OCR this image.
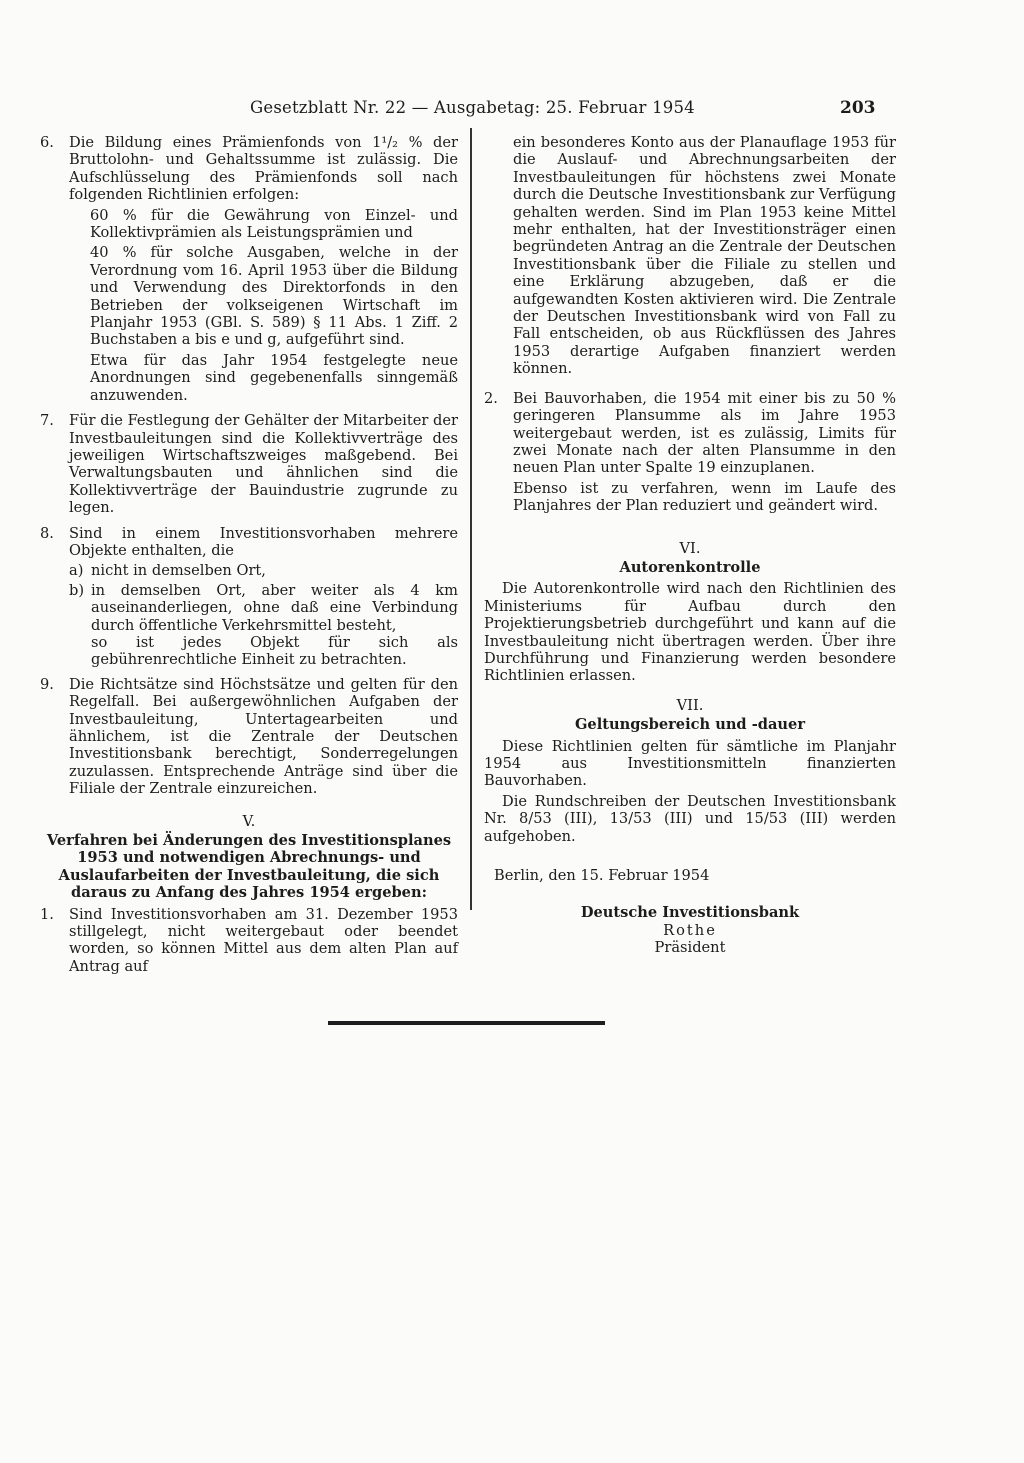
Gesetzblatt Nr. 22 — Ausgabetag: 25. Februar 1954	203
6.	Die Bildung eines Prämienfonds von 1¹/₂ % der Bruttolohn- und Gehaltssumme ist zulässig. Die Aufschlüsselung des Prämienfonds soll nach folgenden Richtlinien erfolgen:

60 % für die Gewährung von Einzel- und Kollektivprämien als Leistungsprämien und

40 % für solche Ausgaben, welche in der Verordnung vom 16. April 1953 über die Bildung und Verwendung des Direktorfonds in den Betrieben der volkseigenen Wirtschaft im Planjahr 1953 (GBl. S. 589) § 11 Abs. 1 Ziff. 2 Buchstaben a bis e und g, aufgeführt sind.

Etwa für das Jahr 1954 festgelegte neue Anordnungen sind gegebenenfalls sinngemäß anzuwenden.

7.	Für die Festlegung der Gehälter der Mitarbeiter der Investbauleitungen sind die Kollektivverträge des jeweiligen Wirtschaftszweiges maßgebend. Bei Verwaltungsbauten und ähnlichen sind die Kollektivverträge der Bauindustrie zugrunde zu legen.

8.	Sind in einem Investitionsvorhaben mehrere Objekte enthalten, die

a) nicht in demselben Ort,
b) in demselben Ort, aber weiter als 4 km auseinanderliegen, ohne daß eine Verbindung durch öffentliche Verkehrsmittel besteht,
so ist jedes Objekt für sich als gebührenrechtliche Einheit zu betrachten.
9.	Die Richtsätze sind Höchstsätze und gelten für den Regelfall. Bei außergewöhnlichen Aufgaben der Investbauleitung, Untertagearbeiten und ähnlichem, ist die Zentrale der Deutschen Investitionsbank berechtigt, Sonderregelungen zuzulassen. Entsprechende Anträge sind über die Filiale der Zentrale einzureichen.

V.
Verfahren bei Änderungen des Investitionsplanes 1953 und notwendigen Abrechnungs- und Auslaufarbeiten der Investbauleitung, die sich daraus zu Anfang des Jahres 1954 ergeben:
1.	Sind Investitionsvorhaben am 31. Dezember 1953 stillgelegt, nicht weitergebaut oder beendet worden, so können Mittel aus dem alten Plan auf Antrag auf

ein besonderes Konto aus der Planauflage 1953 für die Auslauf- und Abrechnungsarbeiten der Investbauleitungen für höchstens zwei Monate durch die Deutsche Investitionsbank zur Verfügung gehalten werden. Sind im Plan 1953 keine Mittel mehr enthalten, hat der Investitionsträger einen begründeten Antrag an die Zentrale der Deutschen Investitionsbank über die Filiale zu stellen und eine Erklärung abzugeben, daß er die aufgewandten Kosten aktivieren wird. Die Zentrale der Deutschen Investitionsbank wird von Fall zu Fall entscheiden, ob aus Rückflüssen des Jahres 1953 derartige Aufgaben finanziert werden können.

2.	Bei Bauvorhaben, die 1954 mit einer bis zu 50 % geringeren Plansumme als im Jahre 1953 weitergebaut werden, ist es zulässig, Limits für zwei Monate nach der alten Plansumme in den neuen Plan unter Spalte 19 einzuplanen.

Ebenso ist zu verfahren, wenn im Laufe des Planjahres der Plan reduziert und geändert wird.

VI.
Autorenkontrolle

Die Autorenkontrolle wird nach den Richtlinien des Ministeriums für Aufbau durch den Projektierungsbetrieb durchgeführt und kann auf die Investbauleitung nicht übertragen werden. Über ihre Durchführung und Finanzierung werden besondere Richtlinien erlassen.

VII.
Geltungsbereich und -dauer

Diese Richtlinien gelten für sämtliche im Planjahr 1954 aus Investitionsmitteln finanzierten Bauvorhaben.

Die Rundschreiben der Deutschen Investitionsbank Nr. 8/53 (III), 13/53 (III) und 15/53 (III) werden aufgehoben.

Berlin, den 15. Februar 1954

Deutsche Investitionsbank
Rothe
Präsident
